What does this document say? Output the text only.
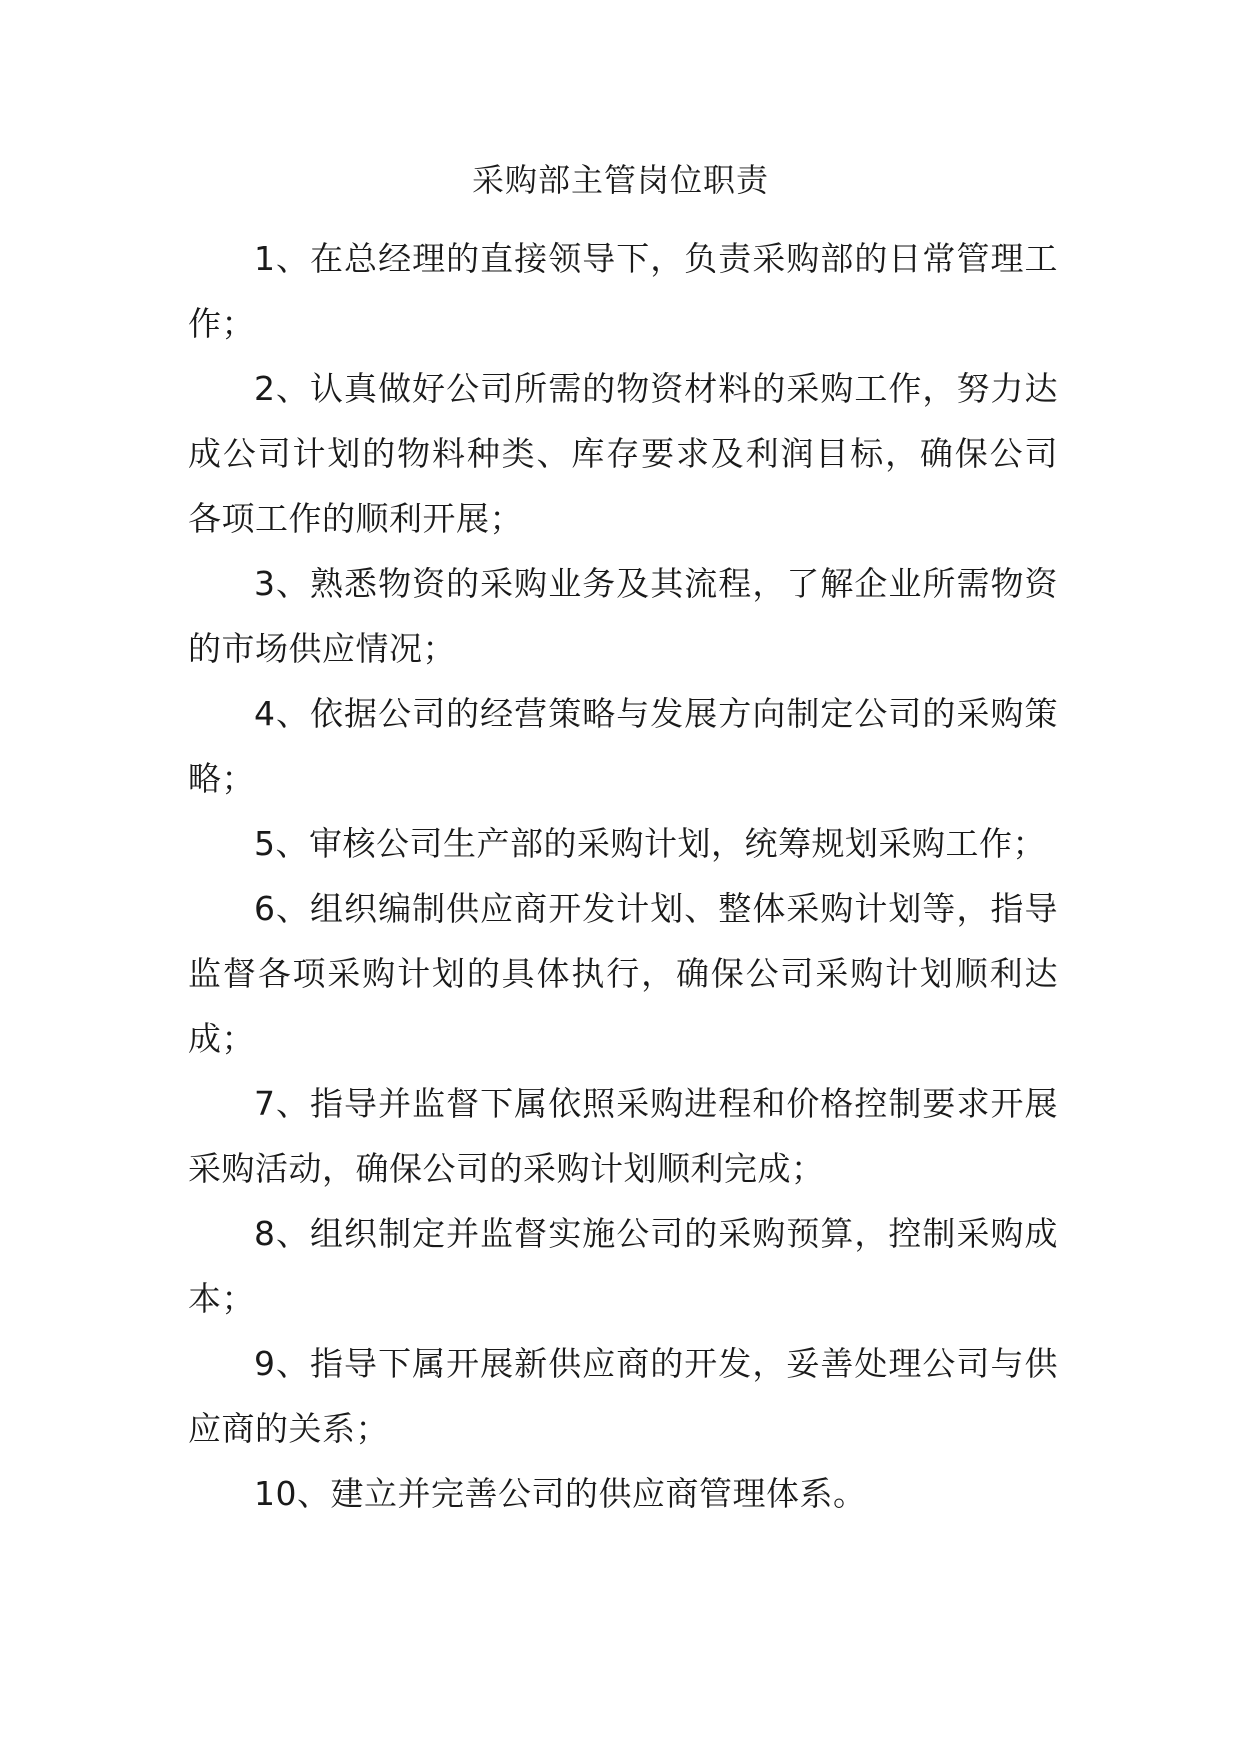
采购部主管岗位职责

1、在总经理的直接领导下，负责采购部的日常管理工作；

2、认真做好公司所需的物资材料的采购工作，努力达成公司计划的物料种类、库存要求及利润目标，确保公司各项工作的顺利开展；

3、熟悉物资的采购业务及其流程，了解企业所需物资的市场供应情况；

4、依据公司的经营策略与发展方向制定公司的采购策略；

5、审核公司生产部的采购计划，统筹规划采购工作；

6、组织编制供应商开发计划、整体采购计划等，指导监督各项采购计划的具体执行，确保公司采购计划顺利达成；

7、指导并监督下属依照采购进程和价格控制要求开展采购活动，确保公司的采购计划顺利完成；

8、组织制定并监督实施公司的采购预算，控制采购成本；

9、指导下属开展新供应商的开发，妥善处理公司与供应商的关系；

10、建立并完善公司的供应商管理体系。
